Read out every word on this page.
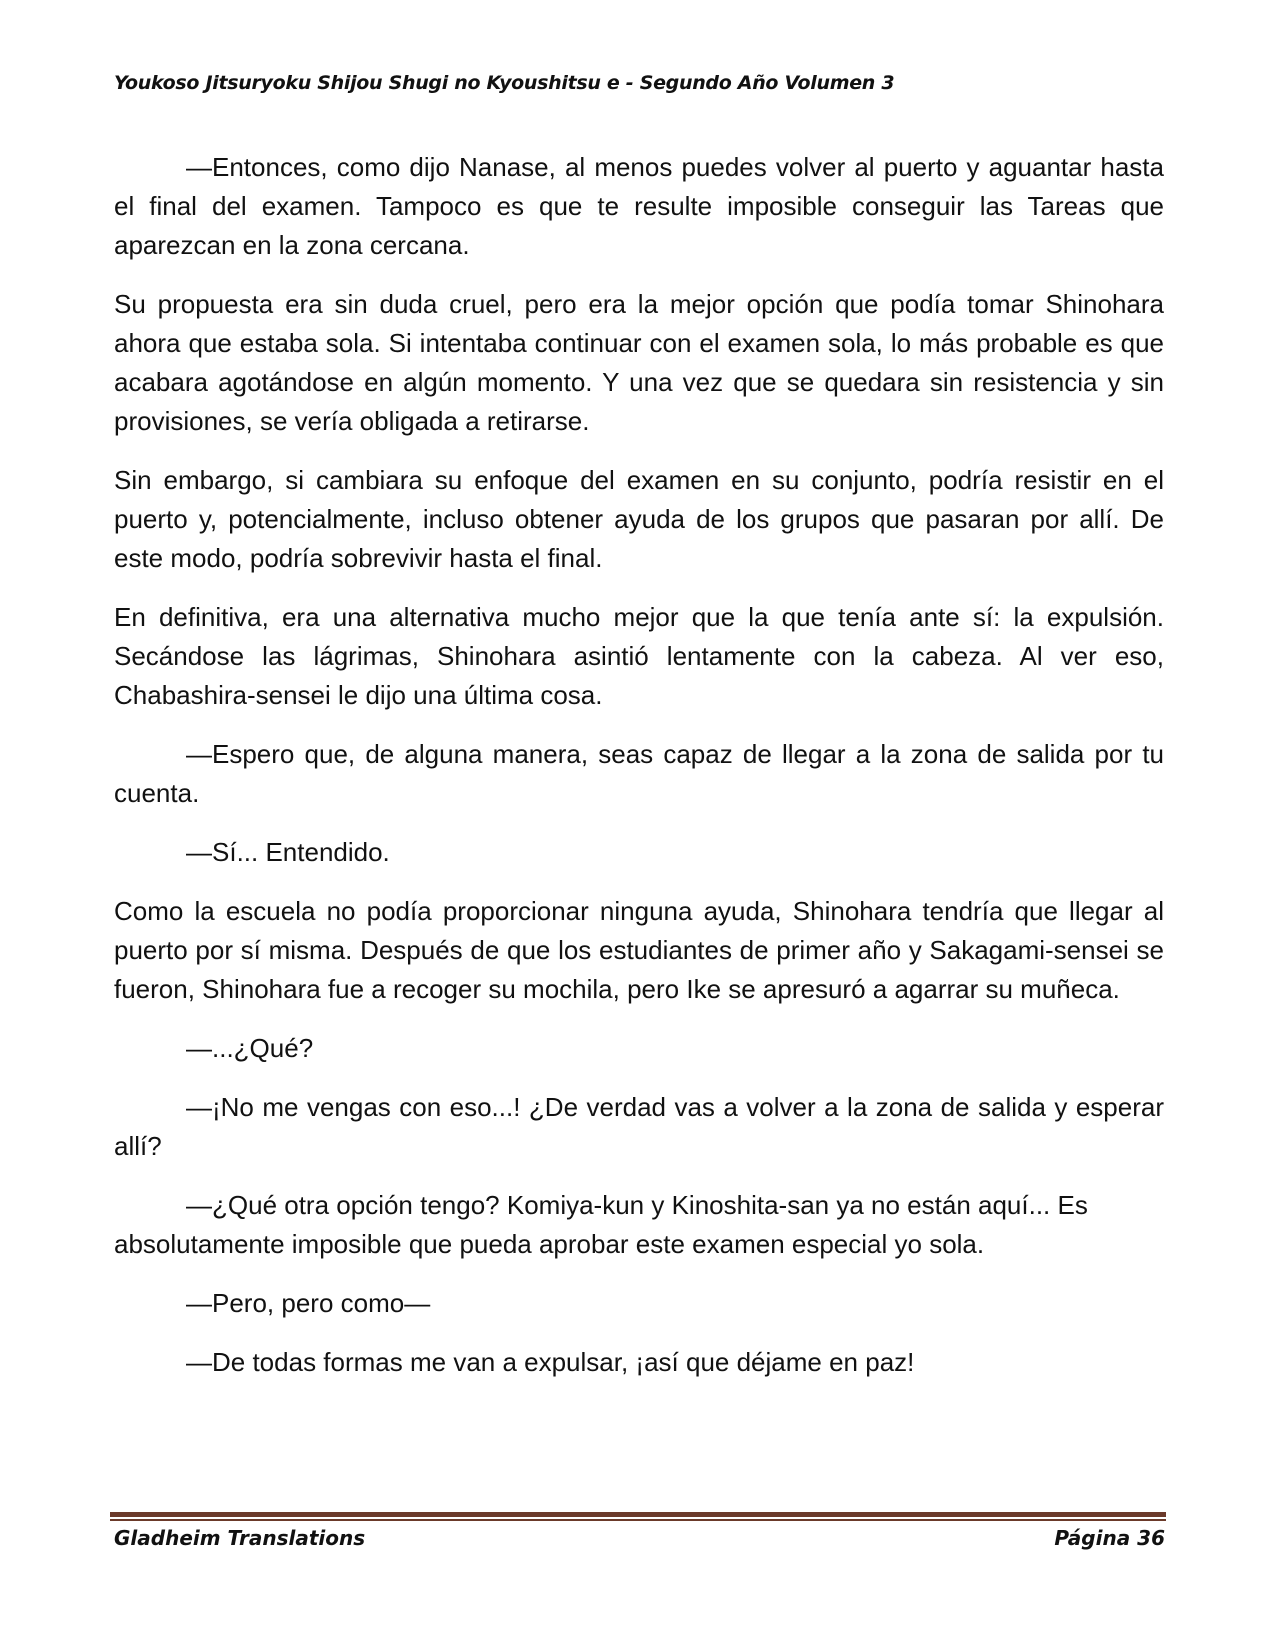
Youkoso Jitsuryoku Shijou Shugi no Kyoushitsu e - Segundo Año Volumen 3

—Entonces, como dijo Nanase, al menos puedes volver al puerto y aguantar hasta el final del examen. Tampoco es que te resulte imposible conseguir las Tareas que aparezcan en la zona cercana.

Su propuesta era sin duda cruel, pero era la mejor opción que podía tomar Shinohara ahora que estaba sola. Si intentaba continuar con el examen sola, lo más probable es que acabara agotándose en algún momento. Y una vez que se quedara sin resistencia y sin provisiones, se vería obligada a retirarse.

Sin embargo, si cambiara su enfoque del examen en su conjunto, podría resistir en el puerto y, potencialmente, incluso obtener ayuda de los grupos que pasaran por allí. De este modo, podría sobrevivir hasta el final.

En definitiva, era una alternativa mucho mejor que la que tenía ante sí: la expulsión. Secándose las lágrimas, Shinohara asintió lentamente con la cabeza. Al ver eso, Chabashira-sensei le dijo una última cosa.

—Espero que, de alguna manera, seas capaz de llegar a la zona de salida por tu cuenta.

—Sí... Entendido.

Como la escuela no podía proporcionar ninguna ayuda, Shinohara tendría que llegar al puerto por sí misma. Después de que los estudiantes de primer año y Sakagami-sensei se fueron, Shinohara fue a recoger su mochila, pero Ike se apresuró a agarrar su muñeca.

—...¿Qué?

—¡No me vengas con eso...! ¿De verdad vas a volver a la zona de salida y esperar allí?

—¿Qué otra opción tengo? Komiya-kun y Kinoshita-san ya no están aquí... Es absolutamente imposible que pueda aprobar este examen especial yo sola.

—Pero, pero como—

—De todas formas me van a expulsar, ¡así que déjame en paz!

Gladheim Translations	Página 36
